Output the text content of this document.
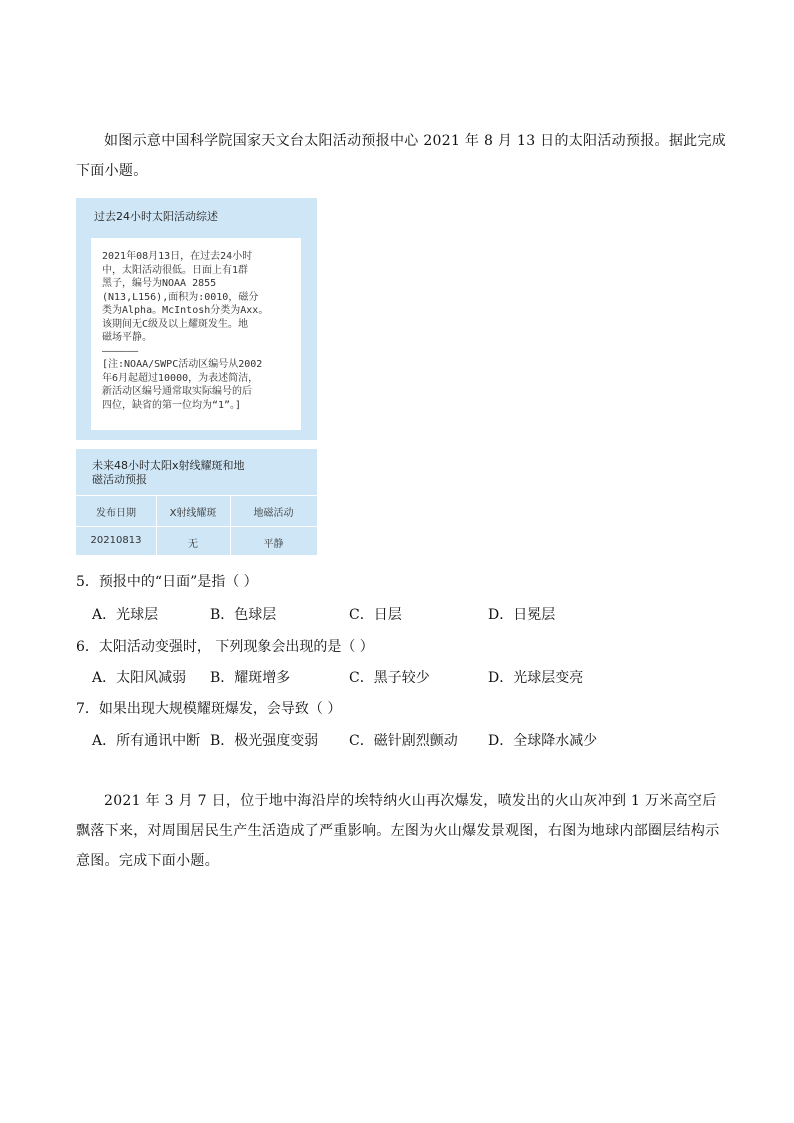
如图示意中国科学院国家天文台太阳活动预报中心 2021 年 8 月 13 日的太阳活动预报。据此完成下面小题。
过去24小时太阳活动综述
2021年08月13日，在过去24小时
中，太阳活动很低。日面上有1群
黑子，编号为NOAA 2855
(N13,L156),面积为:0010，磁分
类为Alpha。McIntosh分类为Axx。
该期间无C级及以上耀斑发生。地
磁场平静。
——————
[注:NOAA/SWPC活动区编号从2002
年6月起超过10000，为表述简洁，
新活动区编号通常取实际编号的后
四位，缺省的第一位均为“1”。]
未来48小时太阳x射线耀斑和地
磁活动预报
发布日期	X射线耀斑	地磁活动
20210813	无	平静
5．预报中的“日面”是指（ ）
A．光球层	B．色球层	C．日层	D．日冕层
6．太阳活动变强时， 下列现象会出现的是（ ）
A．太阳风减弱 B．耀斑增多	C．黑子较少	D．光球层变亮
7．如果出现大规模耀斑爆发，会导致（ ）
A．所有通讯中断 B．极光强度变弱 C．磁针剧烈颤动 D．全球降水减少
2021 年 3 月 7 日，位于地中海沿岸的埃特纳火山再次爆发，喷发出的火山灰冲到 1 万米高空后飘落下来，对周围居民生产生活造成了严重影响。左图为火山爆发景观图，右图为地球内部圈层结构示意图。完成下面小题。
